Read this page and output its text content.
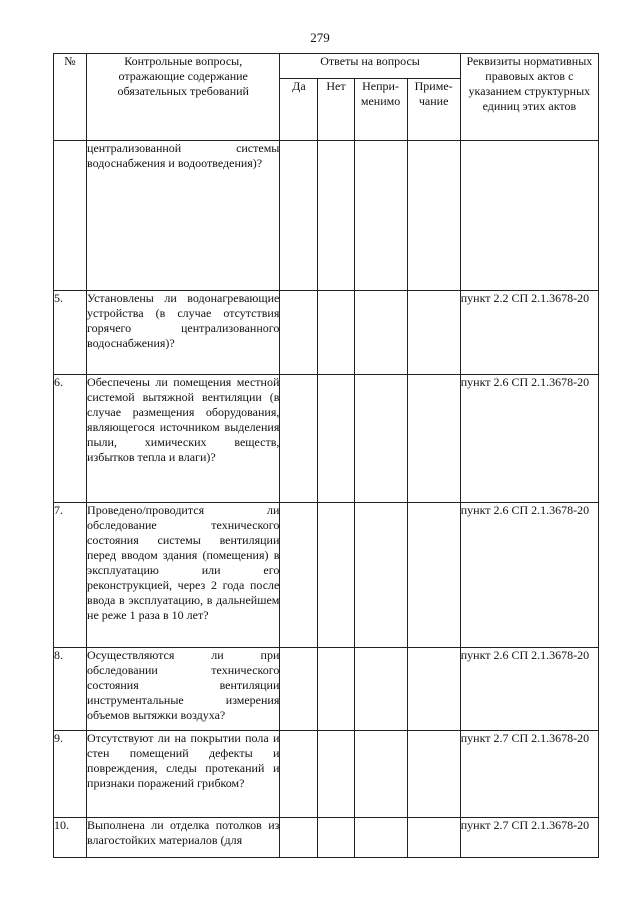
279
№	Контрольные вопросы, отражающие содержание обязательных требований	Ответы на вопросы				Реквизиты нормативных правовых актов с указанием структурных единиц этих актов

Да	Нет	Непри-менимо	Приме-чание	

	централизованной системы водоснабжения и водоотведения)?					
5.	Установлены ли водонагревающие устройства (в случае отсутствия горячего централизованного водоснабжения)?					пункт 2.2 СП 2.1.3678-20
6.	Обеспечены ли помещения местной системой вытяжной вентиляции (в случае размещения оборудования, являющегося источником выделения пыли, химических веществ, избытков тепла и влаги)?					пункт 2.6 СП 2.1.3678-20
7.	Проведено/проводится ли обследование технического состояния системы вентиляции перед вводом здания (помещения) в эксплуатацию или его реконструкцией, через 2 года после ввода в эксплуатацию, в дальнейшем не реже 1 раза в 10 лет?					пункт 2.6 СП 2.1.3678-20
8.	Осуществляются ли при обследовании технического состояния вентиляции инструментальные измерения объемов вытяжки воздуха?					пункт 2.6 СП 2.1.3678-20
9.	Отсутствуют ли на покрытии пола и стен помещений дефекты и повреждения, следы протеканий и признаки поражений грибком?					пункт 2.7 СП 2.1.3678-20
10.	Выполнена ли отделка потолков из влагостойких материалов (для					пункт 2.7 СП 2.1.3678-20
